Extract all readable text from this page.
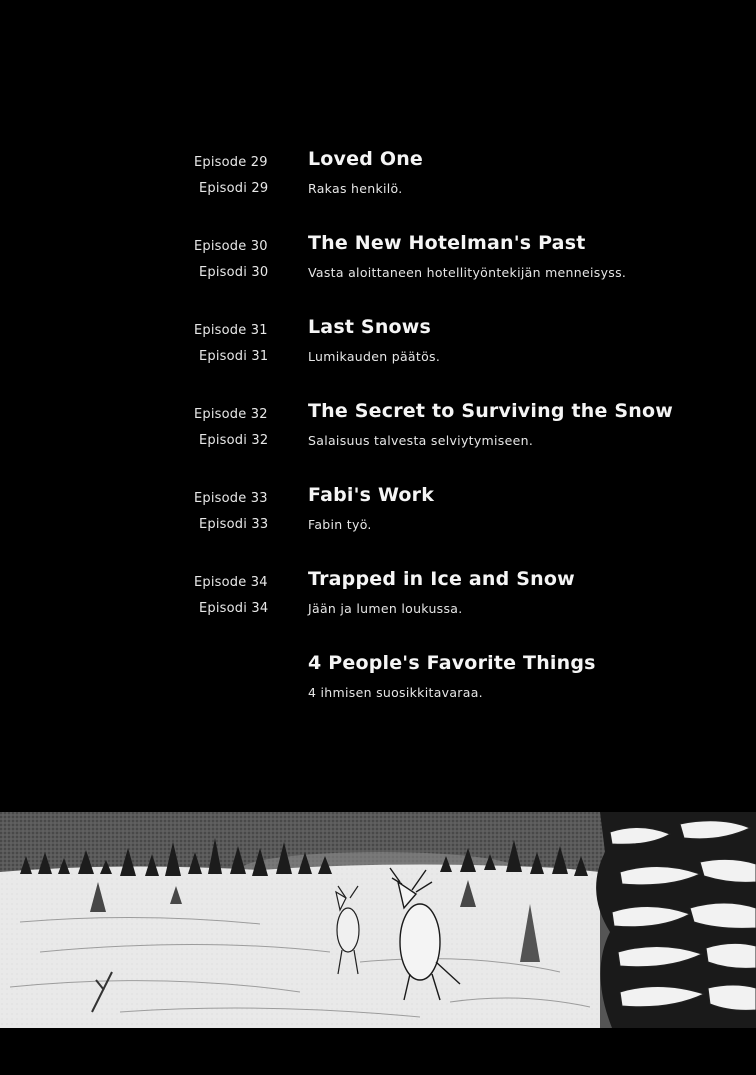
Episode 29
Episodi 29
Loved One
Rakas henkilö.
Episode 30
Episodi 30
The New Hotelman's Past
Vasta aloittaneen hotellityöntekijän menneisyss.
Episode 31
Episodi 31
Last Snows
Lumikauden päätös.
Episode 32
Episodi 32
The Secret to Surviving the Snow
Salaisuus talvesta selviytymiseen.
Episode 33
Episodi 33
Fabi's Work
Fabin työ.
Episode 34
Episodi 34
Trapped in Ice and Snow
Jään ja lumen loukussa.
4 People's Favorite Things
4 ihmisen suosikkitavaraa.
